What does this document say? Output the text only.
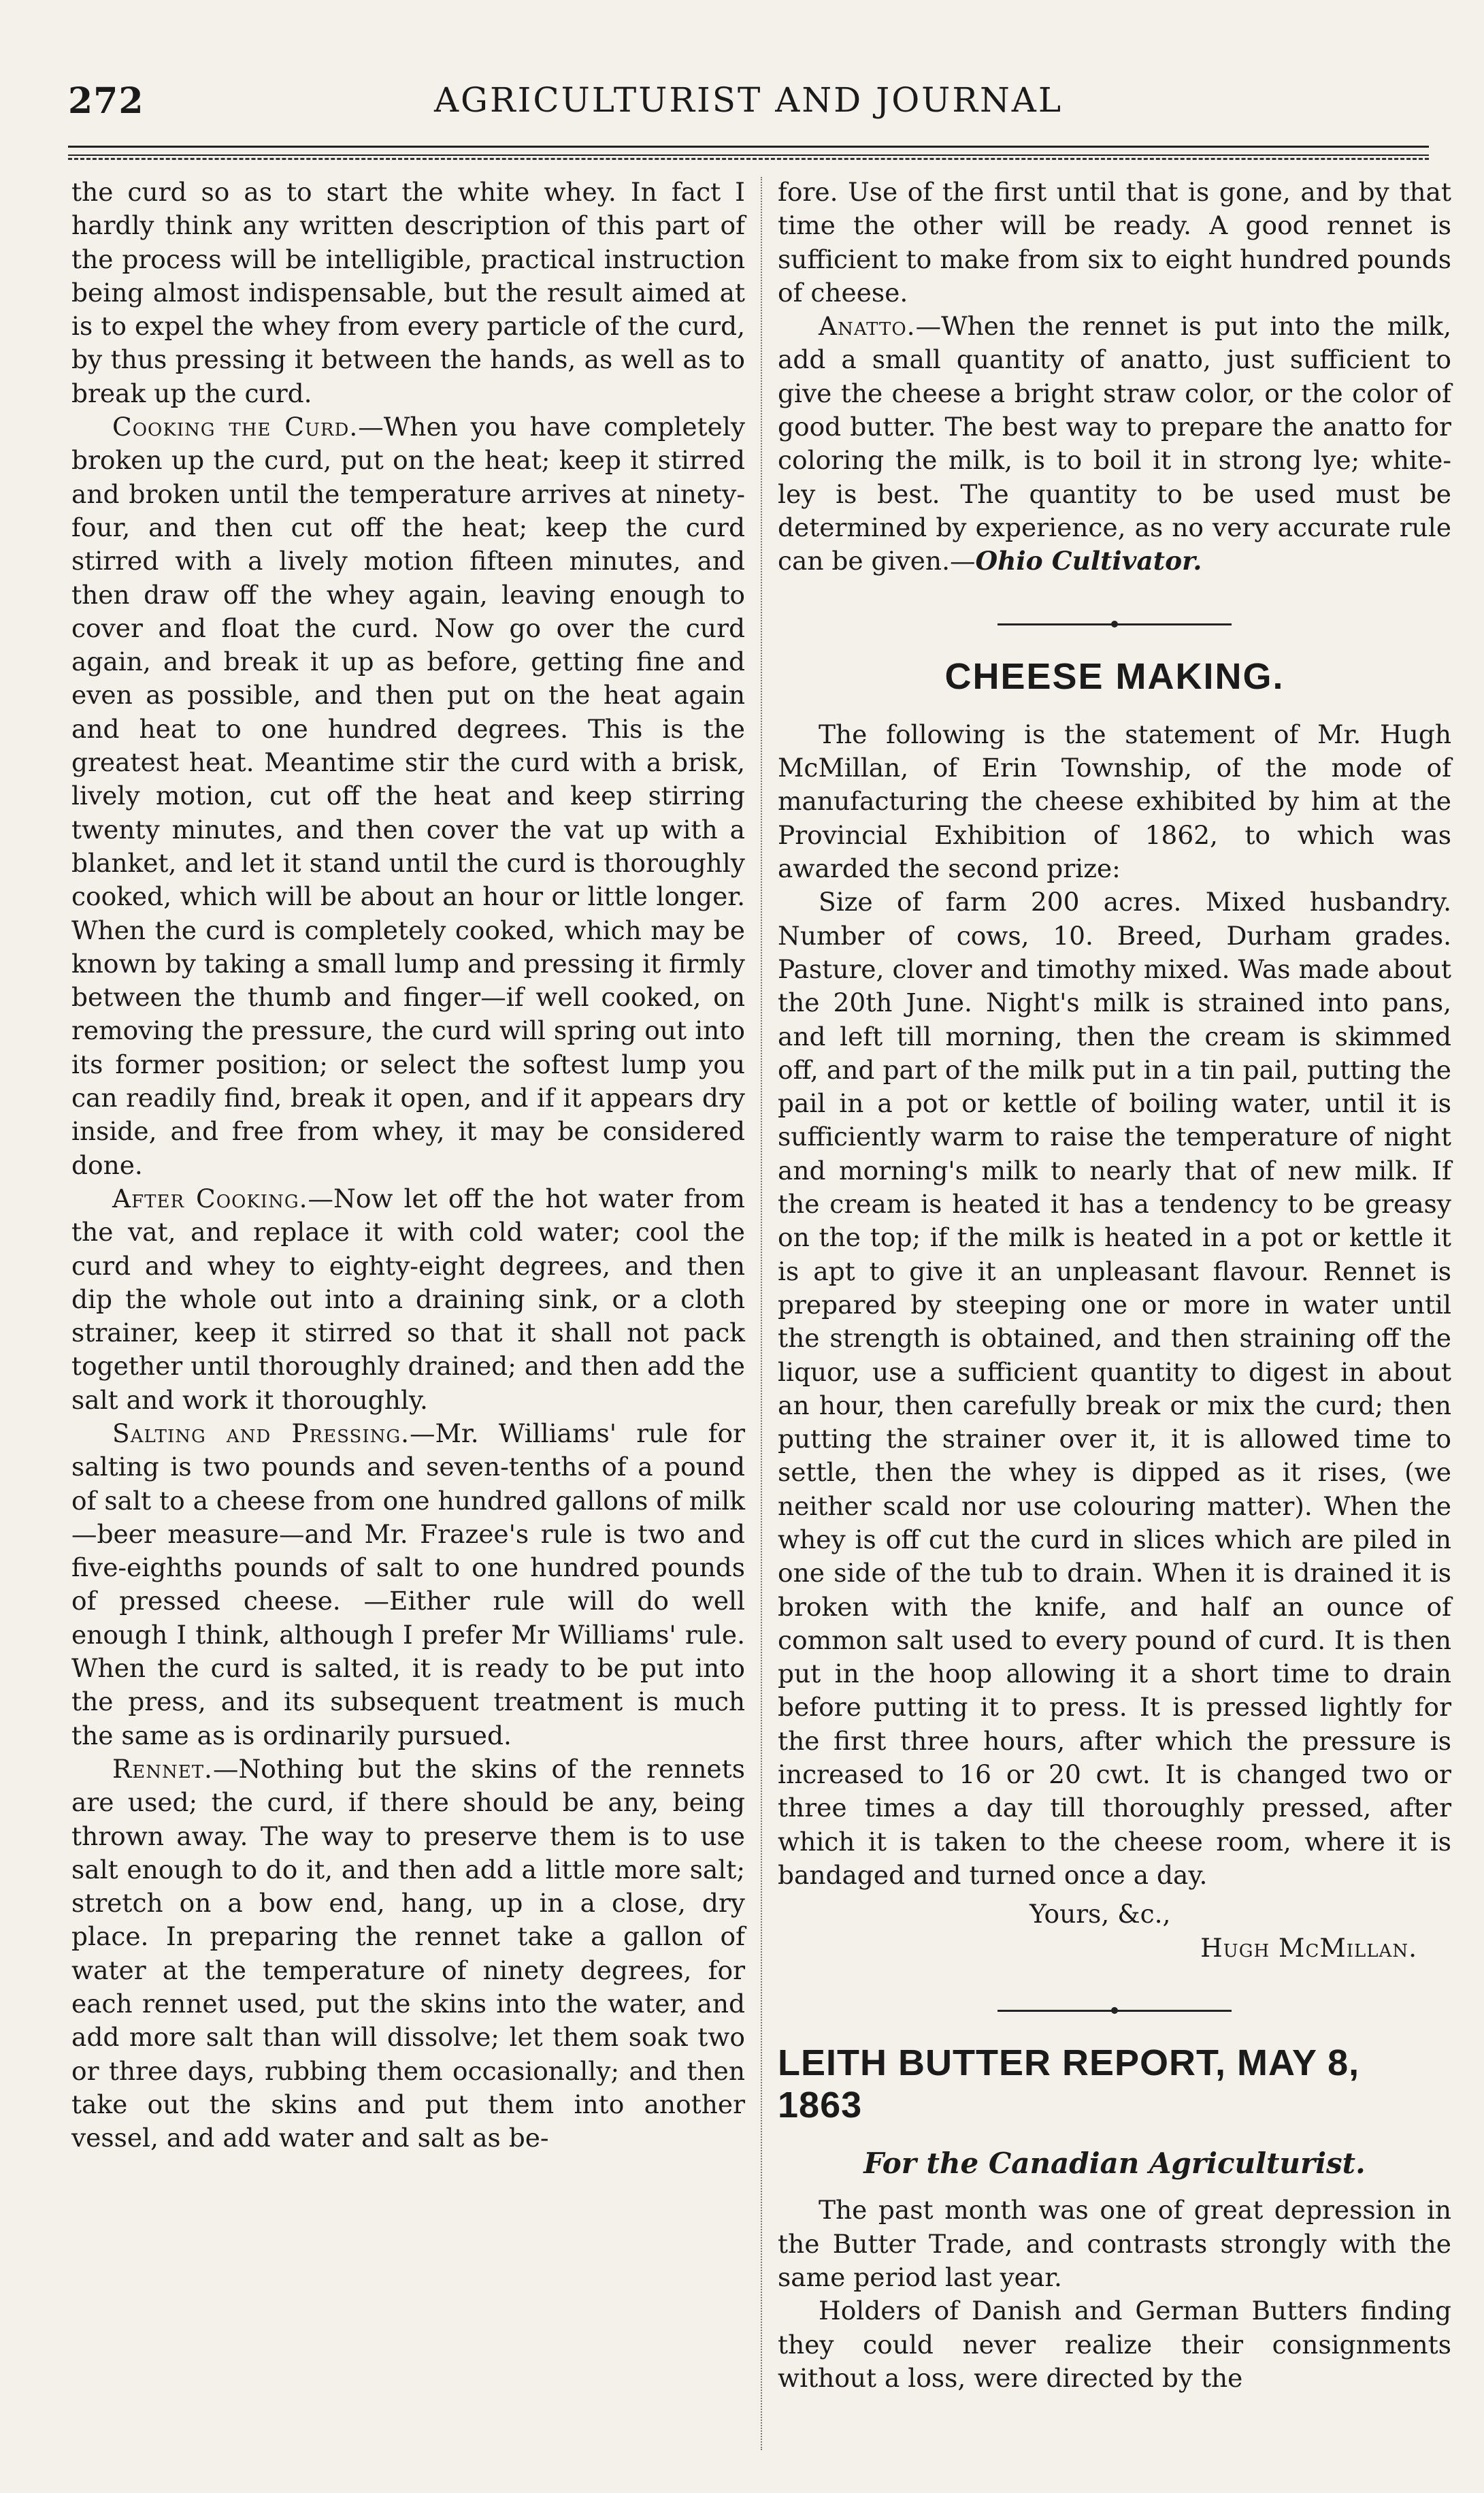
AGRICULTURIST AND JOURNAL
272

the curd so as to start the white whey. In fact I hardly think any written description of this part of the process will be intelligible, practical instruction being almost indispensable, but the result aimed at is to expel the whey from every particle of the curd, by thus pressing it between the hands, as well as to break up the curd.

Cooking the Curd.—When you have completely broken up the curd, put on the heat; keep it stirred and broken until the temperature arrives at ninety-four, and then cut off the heat; keep the curd stirred with a lively motion fifteen minutes, and then draw off the whey again, leaving enough to cover and float the curd. Now go over the curd again, and break it up as before, getting fine and even as possible, and then put on the heat again and heat to one hundred degrees. This is the greatest heat. Meantime stir the curd with a brisk, lively motion, cut off the heat and keep stirring twenty minutes, and then cover the vat up with a blanket, and let it stand until the curd is thoroughly cooked, which will be about an hour or little longer. When the curd is completely cooked, which may be known by taking a small lump and pressing it firmly between the thumb and finger—if well cooked, on removing the pressure, the curd will spring out into its former position; or select the softest lump you can readily find, break it open, and if it appears dry inside, and free from whey, it may be considered done.

After Cooking.—Now let off the hot water from the vat, and replace it with cold water; cool the curd and whey to eighty-eight degrees, and then dip the whole out into a draining sink, or a cloth strainer, keep it stirred so that it shall not pack together until thoroughly drained; and then add the salt and work it thoroughly.

Salting and Pressing.—Mr. Williams' rule for salting is two pounds and seven-tenths of a pound of salt to a cheese from one hundred gallons of milk—beer measure—and Mr. Frazee's rule is two and five-eighths pounds of salt to one hundred pounds of pressed cheese. —Either rule will do well enough I think, although I prefer Mr Williams' rule. When the curd is salted, it is ready to be put into the press, and its subsequent treatment is much the same as is ordinarily pursued.

Rennet.—Nothing but the skins of the rennets are used; the curd, if there should be any, being thrown away. The way to preserve them is to use salt enough to do it, and then add a little more salt; stretch on a bow end, hang, up in a close, dry place. In preparing the rennet take a gallon of water at the temperature of ninety degrees, for each rennet used, put the skins into the water, and add more salt than will dissolve; let them soak two or three days, rubbing them occasionally; and then take out the skins and put them into another vessel, and add water and salt as be-

fore. Use of the first until that is gone, and by that time the other will be ready. A good rennet is sufficient to make from six to eight hundred pounds of cheese.

Anatto.—When the rennet is put into the milk, add a small quantity of anatto, just sufficient to give the cheese a bright straw color, or the color of good butter. The best way to prepare the anatto for coloring the milk, is to boil it in strong lye; white-ley is best. The quantity to be used must be determined by experience, as no very accurate rule can be given.—Ohio Cultivator.

CHEESE MAKING.

The following is the statement of Mr. Hugh McMillan, of Erin Township, of the mode of manufacturing the cheese exhibited by him at the Provincial Exhibition of 1862, to which was awarded the second prize:

Size of farm 200 acres. Mixed husbandry. Number of cows, 10. Breed, Durham grades. Pasture, clover and timothy mixed. Was made about the 20th June. Night's milk is strained into pans, and left till morning, then the cream is skimmed off, and part of the milk put in a tin pail, putting the pail in a pot or kettle of boiling water, until it is sufficiently warm to raise the temperature of night and morning's milk to nearly that of new milk. If the cream is heated it has a tendency to be greasy on the top; if the milk is heated in a pot or kettle it is apt to give it an unpleasant flavour. Rennet is prepared by steeping one or more in water until the strength is obtained, and then straining off the liquor, use a sufficient quantity to digest in about an hour, then carefully break or mix the curd; then putting the strainer over it, it is allowed time to settle, then the whey is dipped as it rises, (we neither scald nor use colouring matter). When the whey is off cut the curd in slices which are piled in one side of the tub to drain. When it is drained it is broken with the knife, and half an ounce of common salt used to every pound of curd. It is then put in the hoop allowing it a short time to drain before putting it to press. It is pressed lightly for the first three hours, after which the pressure is increased to 16 or 20 cwt. It is changed two or three times a day till thoroughly pressed, after which it is taken to the cheese room, where it is bandaged and turned once a day.

Yours, &c.,

Hugh McMillan.

LEITH BUTTER REPORT, MAY 8, 1863

For the Canadian Agriculturist.

The past month was one of great depression in the Butter Trade, and contrasts strongly with the same period last year.

Holders of Danish and German Butters finding they could never realize their consignments without a loss, were directed by the
